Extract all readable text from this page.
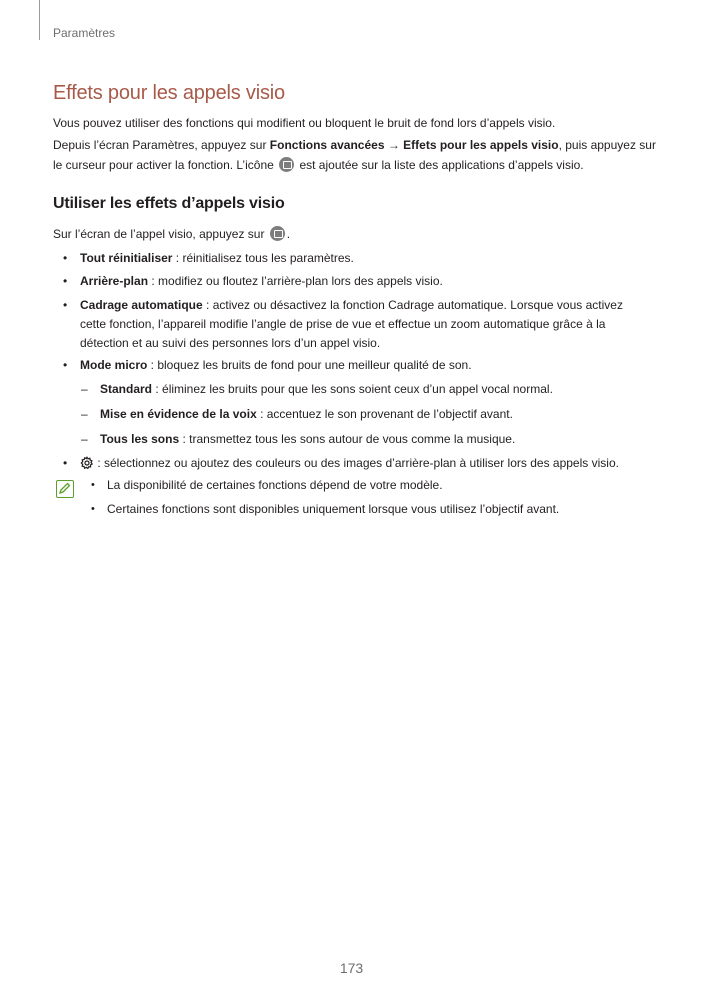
Paramètres
Effets pour les appels visio

Vous pouvez utiliser des fonctions qui modifient ou bloquent le bruit de fond lors d’appels visio.

Depuis l’écran Paramètres, appuyez sur Fonctions avancées → Effets pour les appels visio, puis appuyez sur

le curseur pour activer la fonction. L’icône  est ajoutée sur la liste des applications d’appels visio.

Utiliser les effets d’appels visio

Sur l’écran de l’appel visio, appuyez sur .

• Tout réinitialiser : réinitialisez tous les paramètres.
• Arrière-plan : modifiez ou floutez l’arrière-plan lors des appels visio.
• Cadrage automatique : activez ou désactivez la fonction Cadrage automatique. Lorsque vous activez cette fonction, l’appareil modifie l’angle de prise de vue et effectue un zoom automatique grâce à la détection et au suivi des personnes lors d’un appel visio.
• Mode micro : bloquez les bruits de fond pour une meilleur qualité de son.
– Standard : éliminez les bruits pour que les sons soient ceux d’un appel vocal normal.
– Mise en évidence de la voix : accentuez le son provenant de l’objectif avant.
– Tous les sons : transmettez tous les sons autour de vous comme la musique.
•	: sélectionnez ou ajoutez des couleurs ou des images d’arrière-plan à utiliser lors des appels visio.
• La disponibilité de certaines fonctions dépend de votre modèle.
• Certaines fonctions sont disponibles uniquement lorsque vous utilisez l’objectif avant.
173
